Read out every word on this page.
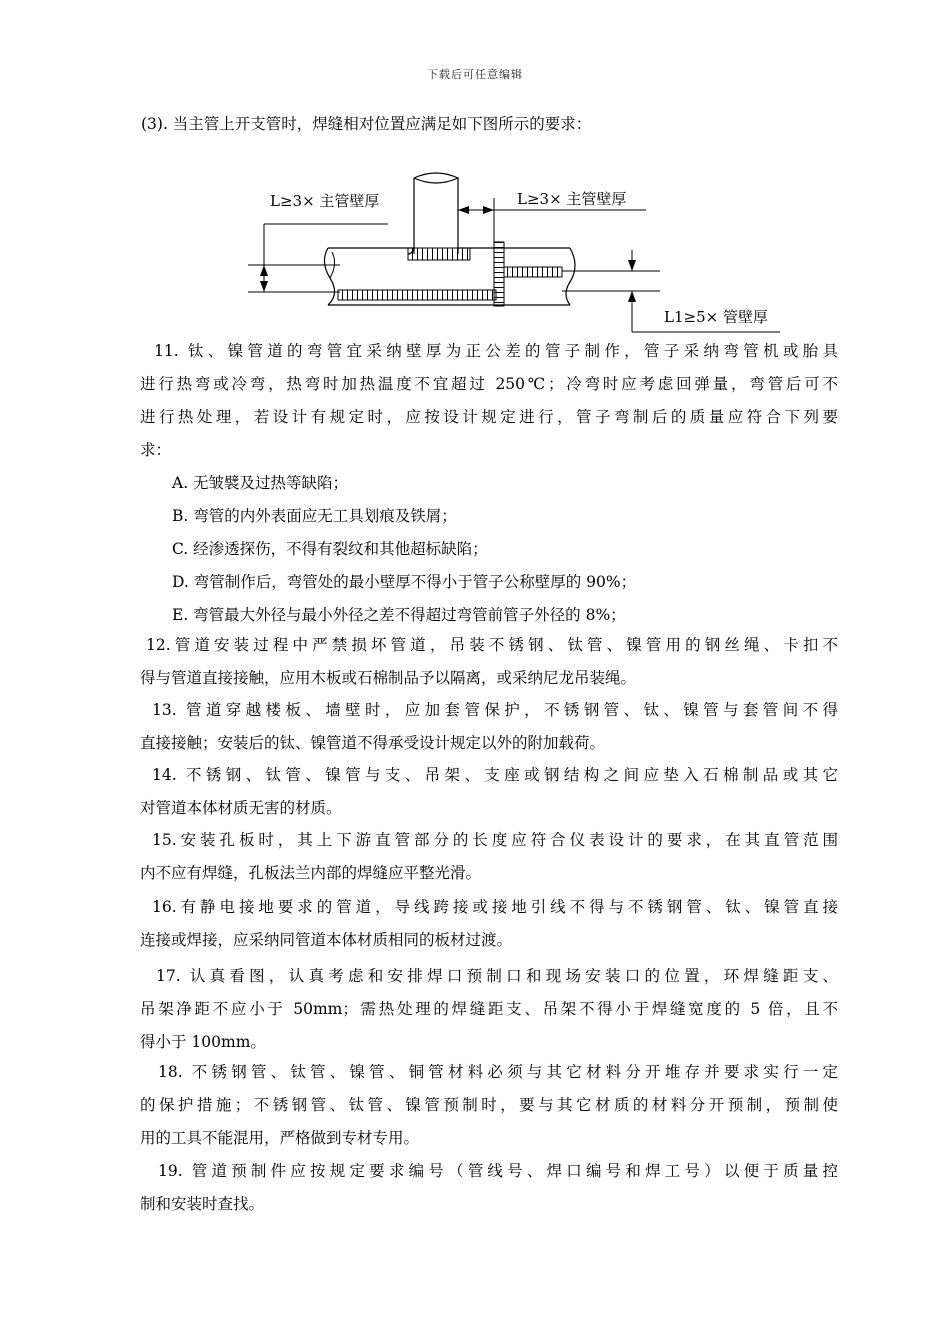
下载后可任意编辑
(3). 当主管上开支管时，焊缝相对位置应满足如下图所示的要求：
L≥3× 主管壁厚	L≥3× 主管壁厚
L1≥5× 管壁厚
11. 钛、镍管道的弯管宜采纳壁厚为正公差的管子制作，管子采纳弯管机或胎具
进行热弯或冷弯，热弯时加热温度不宜超过 250℃；冷弯时应考虑回弹量，弯管后可不
进行热处理，若设计有规定时，应按设计规定进行，管子弯制后的质量应符合下列要
求：
A. 无皱襞及过热等缺陷；
B. 弯管的内外表面应无工具划痕及铁屑；
C. 经渗透探伤，不得有裂纹和其他超标缺陷；
D. 弯管制作后，弯管处的最小壁厚不得小于管子公称壁厚的 90%；
E. 弯管最大外径与最小外径之差不得超过弯管前管子外径的 8%；
12.管道安装过程中严禁损坏管道，吊装不锈钢、钛管、镍管用的钢丝绳、卡扣不
得与管道直接接触，应用木板或石棉制品予以隔离，或采纳尼龙吊装绳。
13. 管道穿越楼板、墙壁时，应加套管保护，不锈钢管、钛、镍管与套管间不得
直接接触；安装后的钛、镍管道不得承受设计规定以外的附加载荷。
14. 不锈钢、钛管、镍管与支、吊架、支座或钢结构之间应垫入石棉制品或其它
对管道本体材质无害的材质。
15.安装孔板时，其上下游直管部分的长度应符合仪表设计的要求，在其直管范围
内不应有焊缝，孔板法兰内部的焊缝应平整光滑。
16.有静电接地要求的管道，导线跨接或接地引线不得与不锈钢管、钛、镍管直接
连接或焊接，应采纳同管道本体材质相同的板材过渡。
17. 认真看图，认真考虑和安排焊口预制口和现场安装口的位置，环焊缝距支、
吊架净距不应小于 50mm；需热处理的焊缝距支、吊架不得小于焊缝宽度的 5 倍，且不
得小于 100mm。
18. 不锈钢管、钛管、镍管、铜管材料必须与其它材料分开堆存并要求实行一定
的保护措施；不锈钢管、钛管、镍管预制时，要与其它材质的材料分开预制，预制使
用的工具不能混用，严格做到专材专用。
19. 管道预制件应按规定要求编号（管线号、焊口编号和焊工号）以便于质量控
制和安装时查找。
